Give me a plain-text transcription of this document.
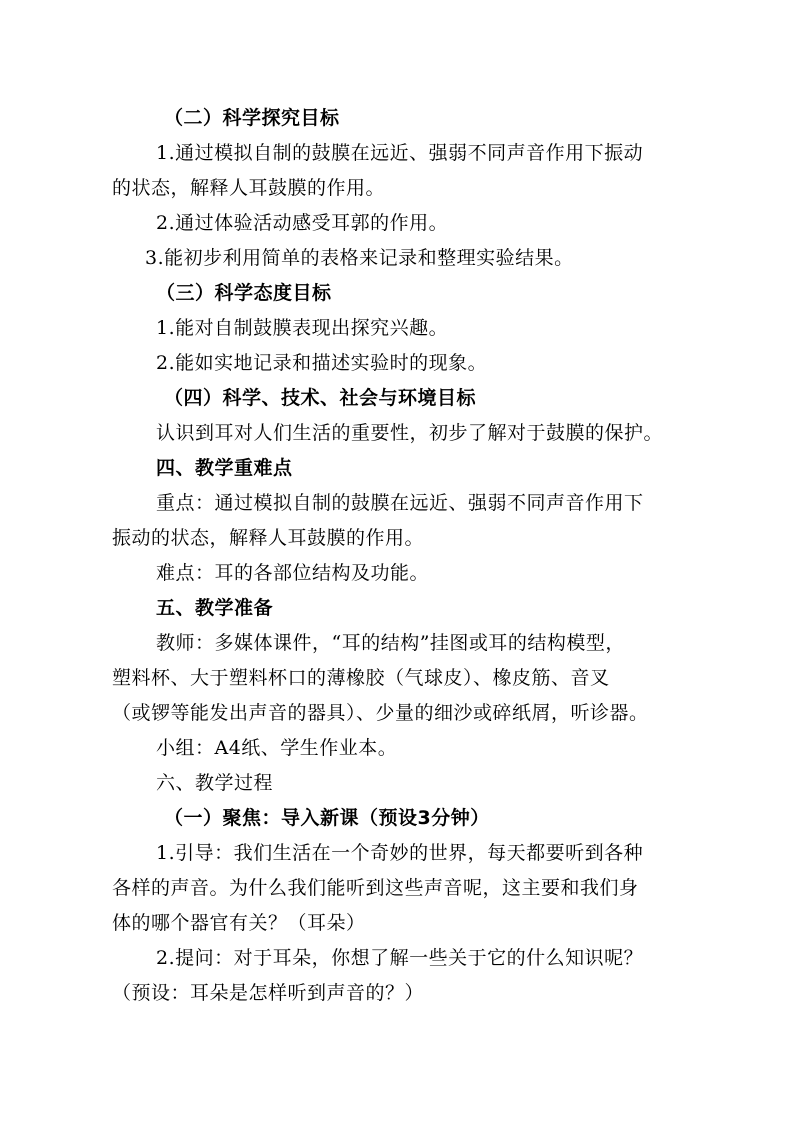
（二）科学探究目标
1.通过模拟自制的鼓膜在远近、强弱不同声音作用下振动
的状态，解释人耳鼓膜的作用。
2.通过体验活动感受耳郭的作用。
3.能初步利用简单的表格来记录和整理实验结果。
（三）科学态度目标
1.能对自制鼓膜表现出探究兴趣。
2.能如实地记录和描述实验时的现象。
（四）科学、技术、社会与环境目标
认识到耳对人们生活的重要性，初步了解对于鼓膜的保护。
四、教学重难点
重点：通过模拟自制的鼓膜在远近、强弱不同声音作用下
振动的状态，解释人耳鼓膜的作用。
难点：耳的各部位结构及功能。
五、教学准备
教师：多媒体课件，“耳的结构”挂图或耳的结构模型，
塑料杯、大于塑料杯口的薄橡胶（气球皮）、橡皮筋、音叉
（或锣等能发出声音的器具）、少量的细沙或碎纸屑，听诊器。
小组：A4纸、学生作业本。
六、教学过程
（一）聚焦：导入新课（预设3分钟）
1.引导：我们生活在一个奇妙的世界，每天都要听到各种
各样的声音。为什么我们能听到这些声音呢，这主要和我们身
体的哪个器官有关？（耳朵）
2.提问：对于耳朵，你想了解一些关于它的什么知识呢？
（预设：耳朵是怎样听到声音的？）
